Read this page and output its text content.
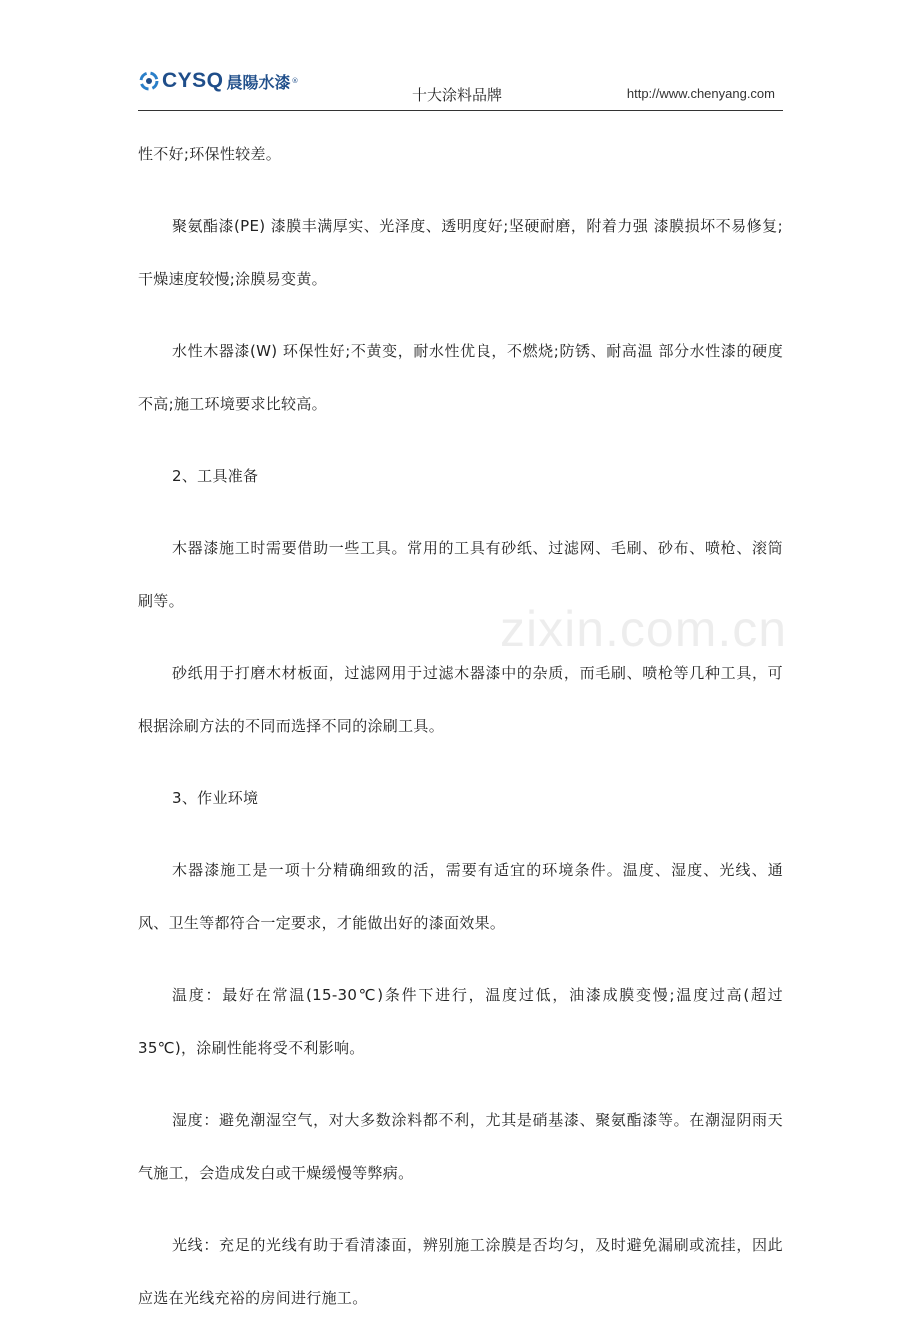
CYSQ 晨陽水漆 ®
十大涂料品牌	http://www.chenyang.com
zixin.com.cn

性不好;环保性较差。

聚氨酯漆(PE) 漆膜丰满厚实、光泽度、透明度好;坚硬耐磨，附着力强 漆膜损坏不易修复;干燥速度较慢;涂膜易变黄。

水性木器漆(W) 环保性好;不黄变，耐水性优良，不燃烧;防锈、耐高温 部分水性漆的硬度不高;施工环境要求比较高。

2、工具准备

木器漆施工时需要借助一些工具。常用的工具有砂纸、过滤网、毛刷、砂布、喷枪、滚筒刷等。

砂纸用于打磨木材板面，过滤网用于过滤木器漆中的杂质，而毛刷、喷枪等几种工具，可根据涂刷方法的不同而选择不同的涂刷工具。

3、作业环境

木器漆施工是一项十分精确细致的活，需要有适宜的环境条件。温度、湿度、光线、通风、卫生等都符合一定要求，才能做出好的漆面效果。

温度：最好在常温(15-30℃)条件下进行，温度过低，油漆成膜变慢;温度过高(超过 35℃)，涂刷性能将受不利影响。

湿度：避免潮湿空气，对大多数涂料都不利，尤其是硝基漆、聚氨酯漆等。在潮湿阴雨天气施工，会造成发白或干燥缓慢等弊病。

光线：充足的光线有助于看清漆面，辨别施工涂膜是否均匀，及时避免漏刷或流挂，因此应选在光线充裕的房间进行施工。
